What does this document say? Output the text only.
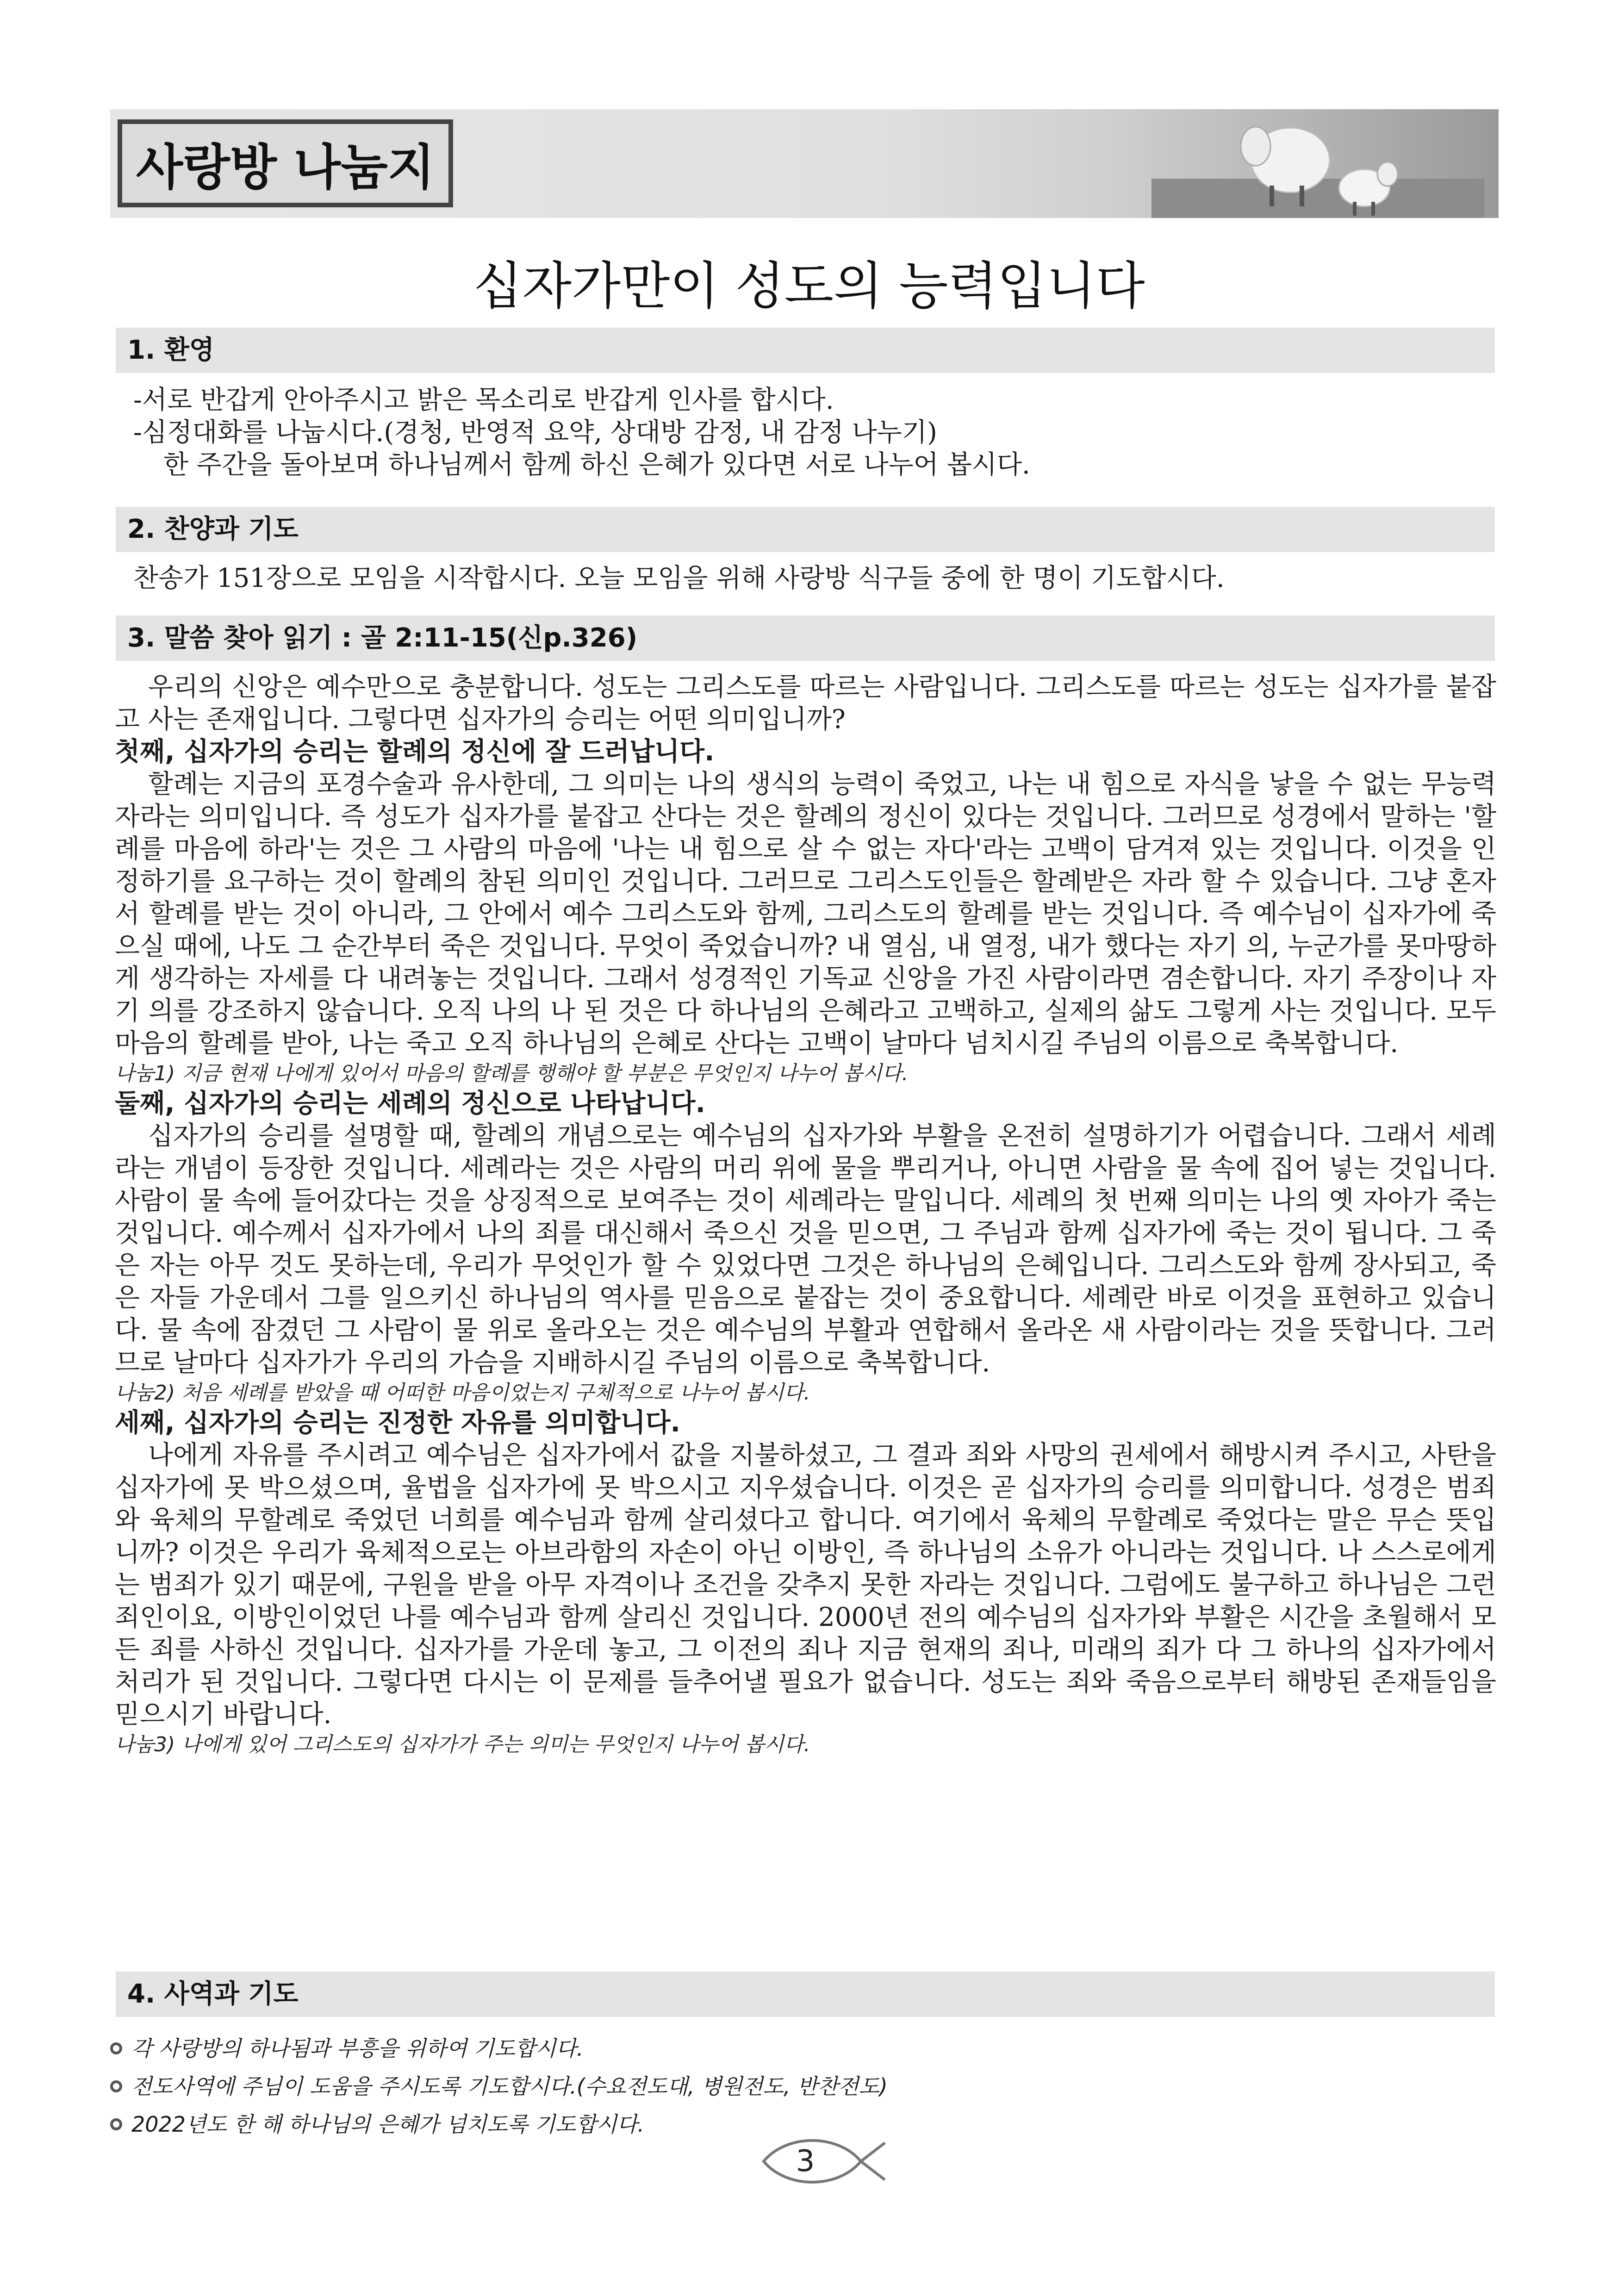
사랑방 나눔지
십자가만이 성도의 능력입니다
1. 환영

-서로 반갑게 안아주시고 밝은 목소리로 반갑게 인사를 합시다.

-심정대화를 나눕시다.(경청, 반영적 요약, 상대방 감정, 내 감정 나누기)

한 주간을 돌아보며 하나님께서 함께 하신 은혜가 있다면 서로 나누어 봅시다.

2. 찬양과 기도

찬송가 151장으로 모임을 시작합시다. 오늘 모임을 위해 사랑방 식구들 중에 한 명이 기도합시다.

3. 말씀 찾아 읽기 : 골 2:11-15(신p.326)

우리의 신앙은 예수만으로 충분합니다. 성도는 그리스도를 따르는 사람입니다. 그리스도를 따르는 성도는 십자가를 붙잡고 사는 존재입니다. 그렇다면 십자가의 승리는 어떤 의미입니까?

첫째, 십자가의 승리는 할례의 정신에 잘 드러납니다.

할례는 지금의 포경수술과 유사한데, 그 의미는 나의 생식의 능력이 죽었고, 나는 내 힘으로 자식을 낳을 수 없는 무능력자라는 의미입니다. 즉 성도가 십자가를 붙잡고 산다는 것은 할례의 정신이 있다는 것입니다. 그러므로 성경에서 말하는 '할례를 마음에 하라'는 것은 그 사람의 마음에 '나는 내 힘으로 살 수 없는 자다'라는 고백이 담겨져 있는 것입니다. 이것을 인정하기를 요구하는 것이 할례의 참된 의미인 것입니다. 그러므로 그리스도인들은 할례받은 자라 할 수 있습니다. 그냥 혼자서 할례를 받는 것이 아니라, 그 안에서 예수 그리스도와 함께, 그리스도의 할례를 받는 것입니다. 즉 예수님이 십자가에 죽으실 때에, 나도 그 순간부터 죽은 것입니다. 무엇이 죽었습니까? 내 열심, 내 열정, 내가 했다는 자기 의, 누군가를 못마땅하게 생각하는 자세를 다 내려놓는 것입니다. 그래서 성경적인 기독교 신앙을 가진 사람이라면 겸손합니다. 자기 주장이나 자기 의를 강조하지 않습니다. 오직 나의 나 된 것은 다 하나님의 은혜라고 고백하고, 실제의 삶도 그렇게 사는 것입니다. 모두 마음의 할례를 받아, 나는 죽고 오직 하나님의 은혜로 산다는 고백이 날마다 넘치시길 주님의 이름으로 축복합니다.

나눔1) 지금 현재 나에게 있어서 마음의 할례를 행해야 할 부분은 무엇인지 나누어 봅시다.

둘째, 십자가의 승리는 세례의 정신으로 나타납니다.

십자가의 승리를 설명할 때, 할례의 개념으로는 예수님의 십자가와 부활을 온전히 설명하기가 어렵습니다. 그래서 세례라는 개념이 등장한 것입니다. 세례라는 것은 사람의 머리 위에 물을 뿌리거나, 아니면 사람을 물 속에 집어 넣는 것입니다. 사람이 물 속에 들어갔다는 것을 상징적으로 보여주는 것이 세례라는 말입니다. 세례의 첫 번째 의미는 나의 옛 자아가 죽는 것입니다. 예수께서 십자가에서 나의 죄를 대신해서 죽으신 것을 믿으면, 그 주님과 함께 십자가에 죽는 것이 됩니다. 그 죽은 자는 아무 것도 못하는데, 우리가 무엇인가 할 수 있었다면 그것은 하나님의 은혜입니다. 그리스도와 함께 장사되고, 죽은 자들 가운데서 그를 일으키신 하나님의 역사를 믿음으로 붙잡는 것이 중요합니다. 세례란 바로 이것을 표현하고 있습니다. 물 속에 잠겼던 그 사람이 물 위로 올라오는 것은 예수님의 부활과 연합해서 올라온 새 사람이라는 것을 뜻합니다. 그러므로 날마다 십자가가 우리의 가슴을 지배하시길 주님의 이름으로 축복합니다.

나눔2) 처음 세례를 받았을 때 어떠한 마음이었는지 구체적으로 나누어 봅시다.

세째, 십자가의 승리는 진정한 자유를 의미합니다.

나에게 자유를 주시려고 예수님은 십자가에서 값을 지불하셨고, 그 결과 죄와 사망의 권세에서 해방시켜 주시고, 사탄을 십자가에 못 박으셨으며, 율법을 십자가에 못 박으시고 지우셨습니다. 이것은 곧 십자가의 승리를 의미합니다. 성경은 범죄와 육체의 무할례로 죽었던 너희를 예수님과 함께 살리셨다고 합니다. 여기에서 육체의 무할례로 죽었다는 말은 무슨 뜻입니까? 이것은 우리가 육체적으로는 아브라함의 자손이 아닌 이방인, 즉 하나님의 소유가 아니라는 것입니다. 나 스스로에게는 범죄가 있기 때문에, 구원을 받을 아무 자격이나 조건을 갖추지 못한 자라는 것입니다. 그럼에도 불구하고 하나님은 그런 죄인이요, 이방인이었던 나를 예수님과 함께 살리신 것입니다. 2000년 전의 예수님의 십자가와 부활은 시간을 초월해서 모든 죄를 사하신 것입니다. 십자가를 가운데 놓고, 그 이전의 죄나 지금 현재의 죄나, 미래의 죄가 다 그 하나의 십자가에서 처리가 된 것입니다. 그렇다면 다시는 이 문제를 들추어낼 필요가 없습니다. 성도는 죄와 죽음으로부터 해방된 존재들임을 믿으시기 바랍니다.

나눔3) 나에게 있어 그리스도의 십자가가 주는 의미는 무엇인지 나누어 봅시다.

4. 사역과 기도
각 사랑방의 하나됨과 부흥을 위하여 기도합시다.
전도사역에 주님이 도움을 주시도록 기도합시다.(수요전도대, 병원전도, 반찬전도)
2022년도 한 해 하나님의 은혜가 넘치도록 기도합시다.
3
